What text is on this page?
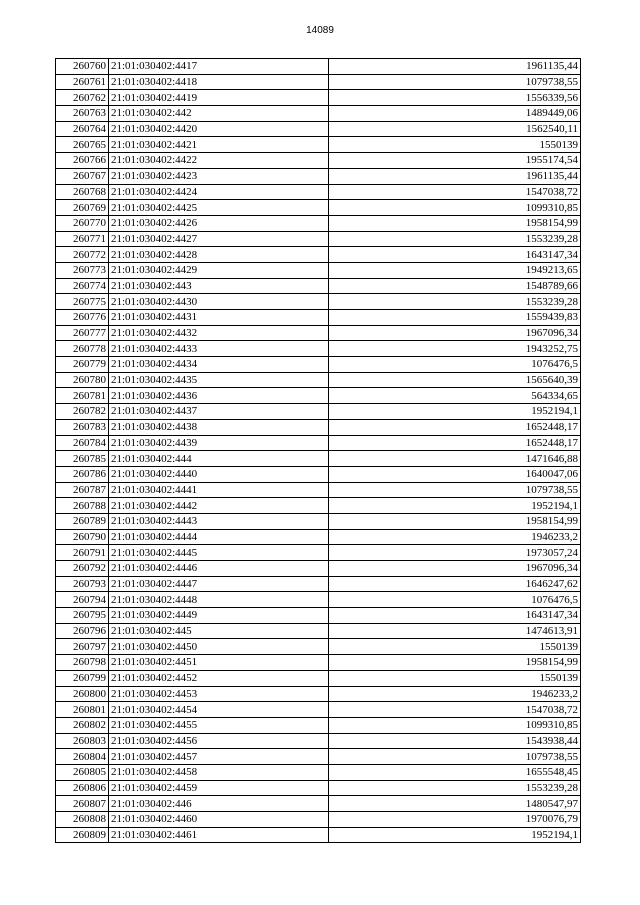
14089
260760	21:01:030402:4417	1961135,44
260761	21:01:030402:4418	1079738,55
260762	21:01:030402:4419	1556339,56
260763	21:01:030402:442	1489449,06
260764	21:01:030402:4420	1562540,11
260765	21:01:030402:4421	1550139
260766	21:01:030402:4422	1955174,54
260767	21:01:030402:4423	1961135,44
260768	21:01:030402:4424	1547038,72
260769	21:01:030402:4425	1099310,85
260770	21:01:030402:4426	1958154,99
260771	21:01:030402:4427	1553239,28
260772	21:01:030402:4428	1643147,34
260773	21:01:030402:4429	1949213,65
260774	21:01:030402:443	1548789,66
260775	21:01:030402:4430	1553239,28
260776	21:01:030402:4431	1559439,83
260777	21:01:030402:4432	1967096,34
260778	21:01:030402:4433	1943252,75
260779	21:01:030402:4434	1076476,5
260780	21:01:030402:4435	1565640,39
260781	21:01:030402:4436	564334,65
260782	21:01:030402:4437	1952194,1
260783	21:01:030402:4438	1652448,17
260784	21:01:030402:4439	1652448,17
260785	21:01:030402:444	1471646,88
260786	21:01:030402:4440	1640047,06
260787	21:01:030402:4441	1079738,55
260788	21:01:030402:4442	1952194,1
260789	21:01:030402:4443	1958154,99
260790	21:01:030402:4444	1946233,2
260791	21:01:030402:4445	1973057,24
260792	21:01:030402:4446	1967096,34
260793	21:01:030402:4447	1646247,62
260794	21:01:030402:4448	1076476,5
260795	21:01:030402:4449	1643147,34
260796	21:01:030402:445	1474613,91
260797	21:01:030402:4450	1550139
260798	21:01:030402:4451	1958154,99
260799	21:01:030402:4452	1550139
260800	21:01:030402:4453	1946233,2
260801	21:01:030402:4454	1547038,72
260802	21:01:030402:4455	1099310,85
260803	21:01:030402:4456	1543938,44
260804	21:01:030402:4457	1079738,55
260805	21:01:030402:4458	1655548,45
260806	21:01:030402:4459	1553239,28
260807	21:01:030402:446	1480547,97
260808	21:01:030402:4460	1970076,79
260809	21:01:030402:4461	1952194,1
